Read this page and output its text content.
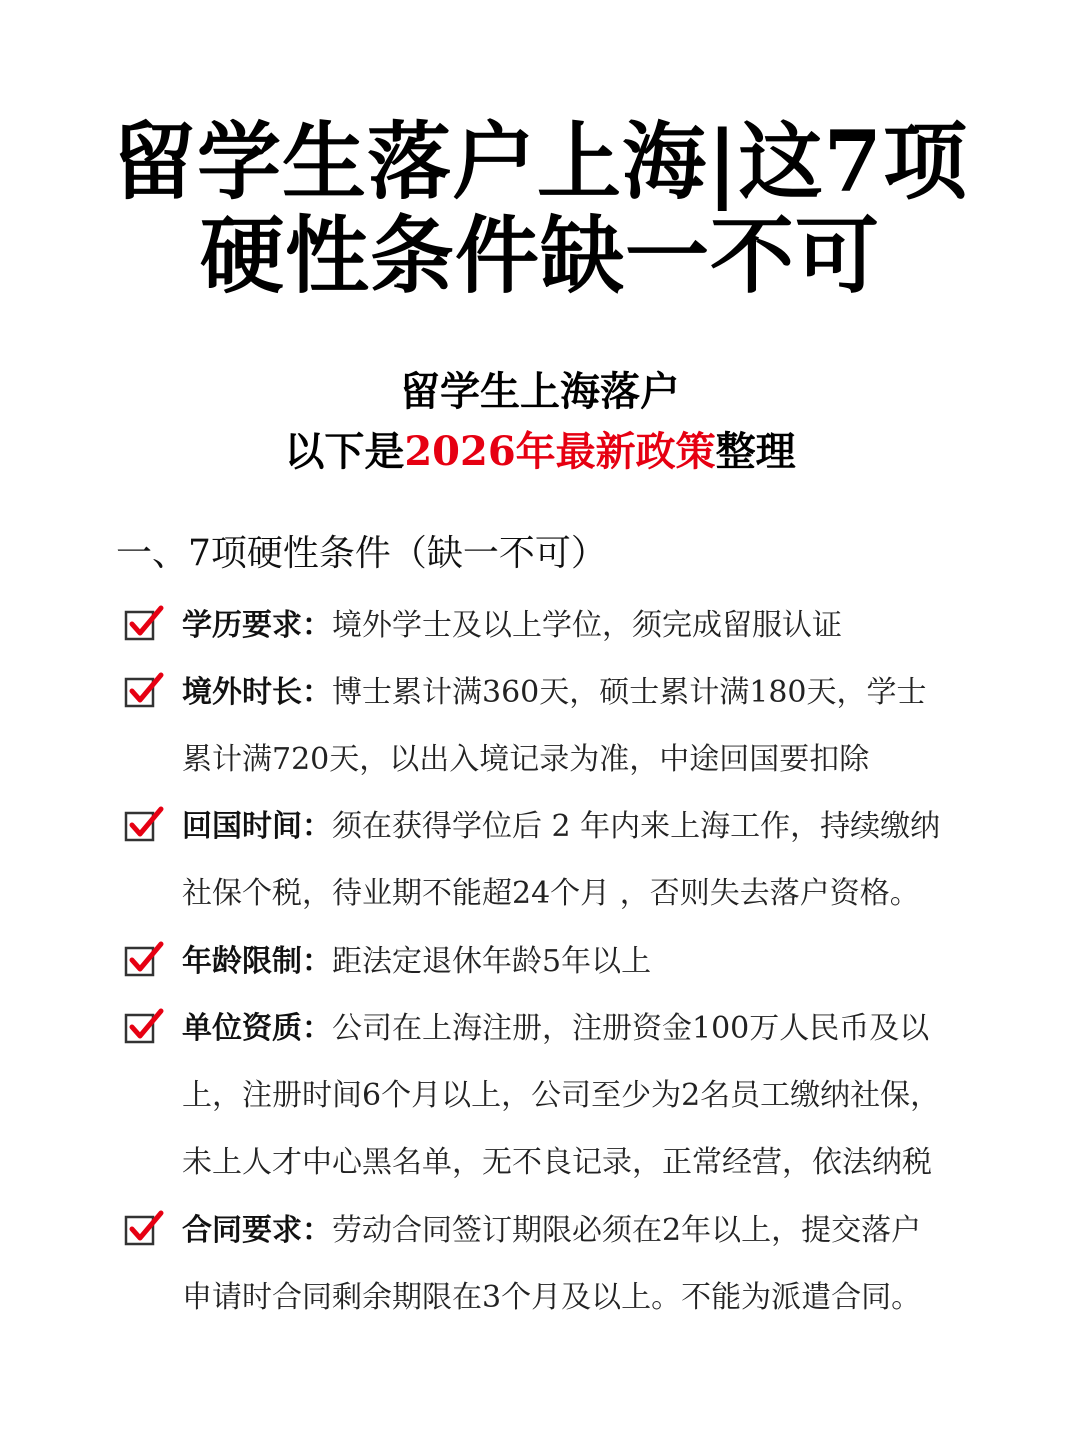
留学生落户上海|这7项
硬性条件缺一不可
留学生上海落户
以下是2026年最新政策整理
一、7项硬性条件（缺一不可）
学历要求：境外学士及以上学位，须完成留服认证
境外时长：博士累计满360天，硕士累计满180天，学士
累计满720天，以出入境记录为准，中途回国要扣除
回国时间：须在获得学位后 2 年内来上海工作，持续缴纳
社保个税，待业期不能超24个月 ，否则失去落户资格。
年龄限制：距法定退休年龄5年以上
单位资质：公司在上海注册，注册资金100万人民币及以
上，注册时间6个月以上，公司至少为2名员工缴纳社保，
未上人才中心黑名单，无不良记录，正常经营，依法纳税
合同要求：劳动合同签订期限必须在2年以上，提交落户
申请时合同剩余期限在3个月及以上。不能为派遣合同。
